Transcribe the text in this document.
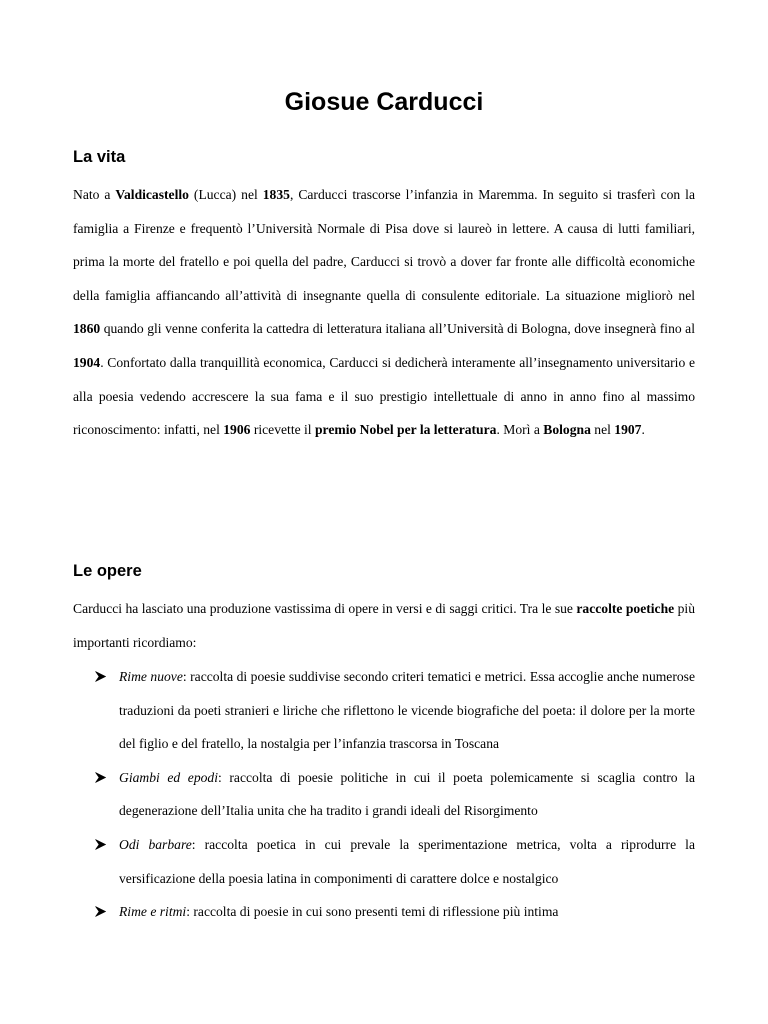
Giosue Carducci
La vita

Nato a Valdicastello (Lucca) nel 1835, Carducci trascorse l’infanzia in Maremma. In seguito si trasferì con la famiglia a Firenze e frequentò l’Università Normale di Pisa dove si laureò in lettere. A causa di lutti familiari, prima la morte del fratello e poi quella del padre, Carducci si trovò a dover far fronte alle difficoltà economiche della famiglia affiancando all’attività di insegnante quella di consulente editoriale. La situazione migliorò nel 1860 quando gli venne conferita la cattedra di letteratura italiana all’Università di Bologna, dove insegnerà fino al 1904. Confortato dalla tranquillità economica, Carducci si dedicherà interamente all’insegnamento universitario e alla poesia vedendo accrescere la sua fama e il suo prestigio intellettuale di anno in anno fino al massimo riconoscimento: infatti, nel 1906 ricevette il premio Nobel per la letteratura. Morì a Bologna nel 1907.

Le opere

Carducci ha lasciato una produzione vastissima di opere in versi e di saggi critici. Tra le sue raccolte poetiche più importanti ricordiamo:

Rime nuove: raccolta di poesie suddivise secondo criteri tematici e metrici. Essa accoglie anche numerose traduzioni da poeti stranieri e liriche che riflettono le vicende biografiche del poeta: il dolore per la morte del figlio e del fratello, la nostalgia per l’infanzia trascorsa in Toscana
Giambi ed epodi: raccolta di poesie politiche in cui il poeta polemicamente si scaglia contro la degenerazione dell’Italia unita che ha tradito i grandi ideali del Risorgimento
Odi barbare: raccolta poetica in cui prevale la sperimentazione metrica, volta a riprodurre la versificazione della poesia latina in componimenti di carattere dolce e nostalgico
Rime e ritmi: raccolta di poesie in cui sono presenti temi di riflessione più intima
